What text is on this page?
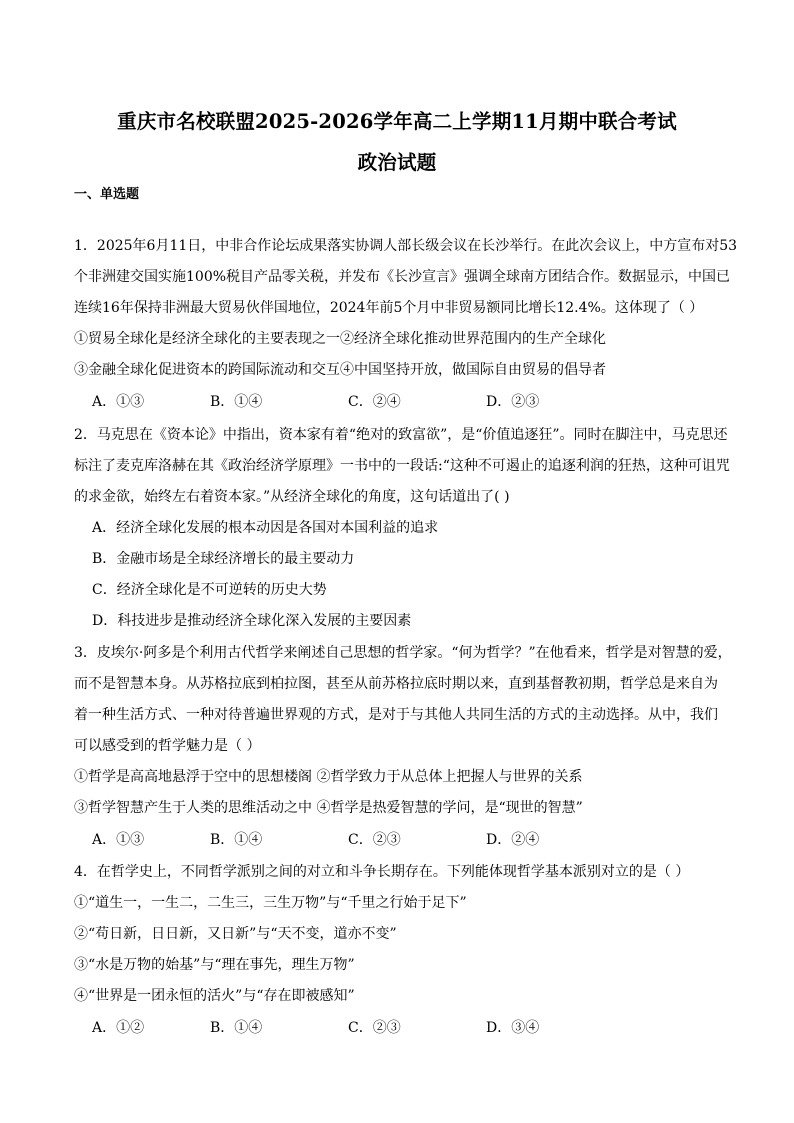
重庆市名校联盟2025-2026学年高二上学期11月期中联合考试
政治试题
一、单选题
1．2025年6月11日，中非合作论坛成果落实协调人部长级会议在长沙举行。在此次会议上，中方宣布对53
个非洲建交国实施100%税目产品零关税，并发布《长沙宣言》强调全球南方团结合作。数据显示，中国已
连续16年保持非洲最大贸易伙伴国地位，2024年前5个月中非贸易额同比增长12.4%。这体现了（ ）
①贸易全球化是经济全球化的主要表现之一②经济全球化推动世界范围内的生产全球化
③金融全球化促进资本的跨国际流动和交互④中国坚持开放，做国际自由贸易的倡导者
A．①③	B．①④	C．②④	D．②③
2．马克思在《资本论》中指出，资本家有着“绝对的致富欲”，是“价值追逐狂”。同时在脚注中，马克思还
标注了麦克库洛赫在其《政治经济学原理》一书中的一段话:“这种不可遏止的追逐利润的狂热，这种可诅咒
的求金欲，始终左右着资本家。”从经济全球化的角度，这句话道出了( )
A．经济全球化发展的根本动因是各国对本国利益的追求
B．金融市场是全球经济增长的最主要动力
C．经济全球化是不可逆转的历史大势
D．科技进步是推动经济全球化深入发展的主要因素
3．皮埃尔·阿多是个利用古代哲学来阐述自己思想的哲学家。“何为哲学？”在他看来，哲学是对智慧的爱，
而不是智慧本身。从苏格拉底到柏拉图，甚至从前苏格拉底时期以来，直到基督教初期，哲学总是来自为
着一种生活方式、一种对待普遍世界观的方式，是对于与其他人共同生活的方式的主动选择。从中，我们
可以感受到的哲学魅力是（ ）
①哲学是高高地悬浮于空中的思想楼阁 ②哲学致力于从总体上把握人与世界的关系
③哲学智慧产生于人类的思维活动之中 ④哲学是热爱智慧的学问，是“现世的智慧”
A．①③	B．①④	C．②③	D．②④
4．在哲学史上，不同哲学派别之间的对立和斗争长期存在。下列能体现哲学基本派别对立的是（ ）
①“道生一，一生二，二生三，三生万物”与“千里之行始于足下”
②“苟日新，日日新，又日新”与“天不变，道亦不变”
③“水是万物的始基”与“理在事先，理生万物”
④“世界是一团永恒的活火”与“存在即被感知”
A．①②	B．①④	C．②③	D．③④
